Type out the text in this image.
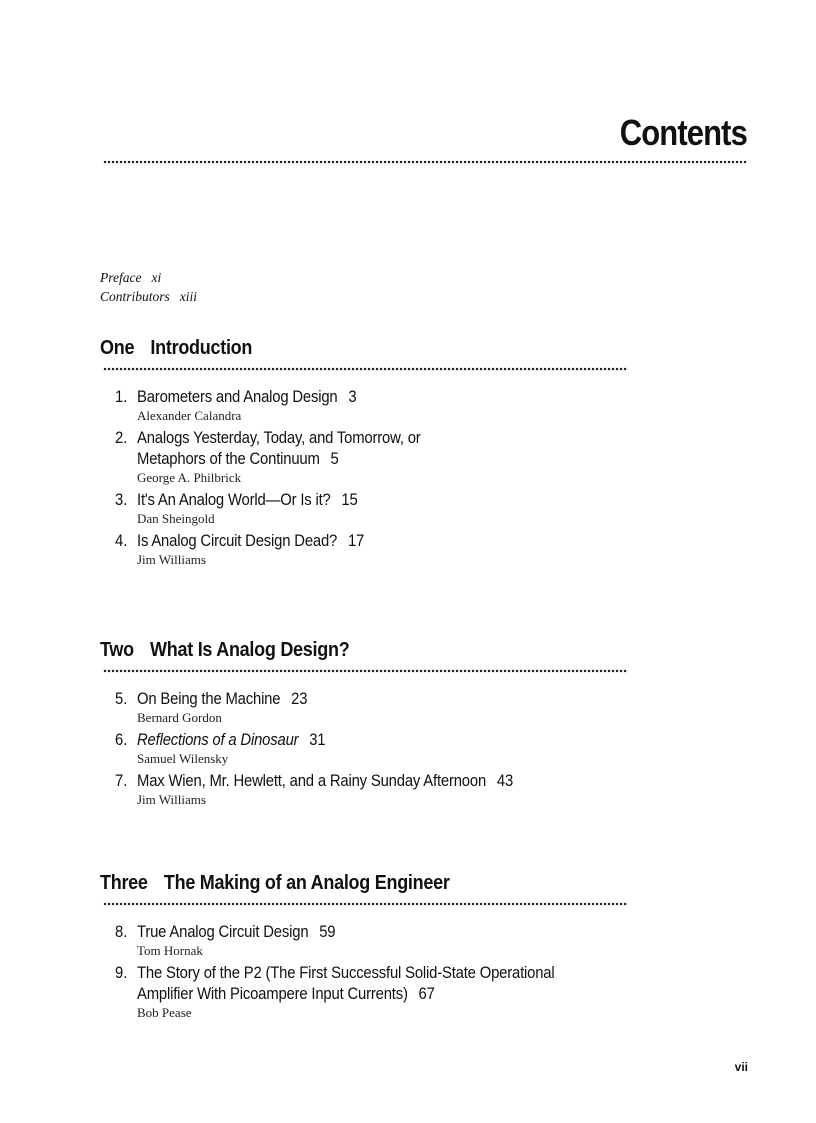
Contents
Preface xi
Contributors xiii
One Introduction
1. Barometers and Analog Design 3
Alexander Calandra
2. Analogs Yesterday, Today, and Tomorrow, or
Metaphors of the Continuum 5
George A. Philbrick
3. It's An Analog World—Or Is it? 15
Dan Sheingold
4. Is Analog Circuit Design Dead? 17
Jim Williams
Two What Is Analog Design?
5. On Being the Machine 23
Bernard Gordon
6. Reflections of a Dinosaur 31
Samuel Wilensky
7. Max Wien, Mr. Hewlett, and a Rainy Sunday Afternoon 43
Jim Williams
Three The Making of an Analog Engineer
8. True Analog Circuit Design 59
Tom Hornak
9. The Story of the P2 (The First Successful Solid-State Operational
Amplifier With Picoampere Input Currents) 67
Bob Pease
vii
